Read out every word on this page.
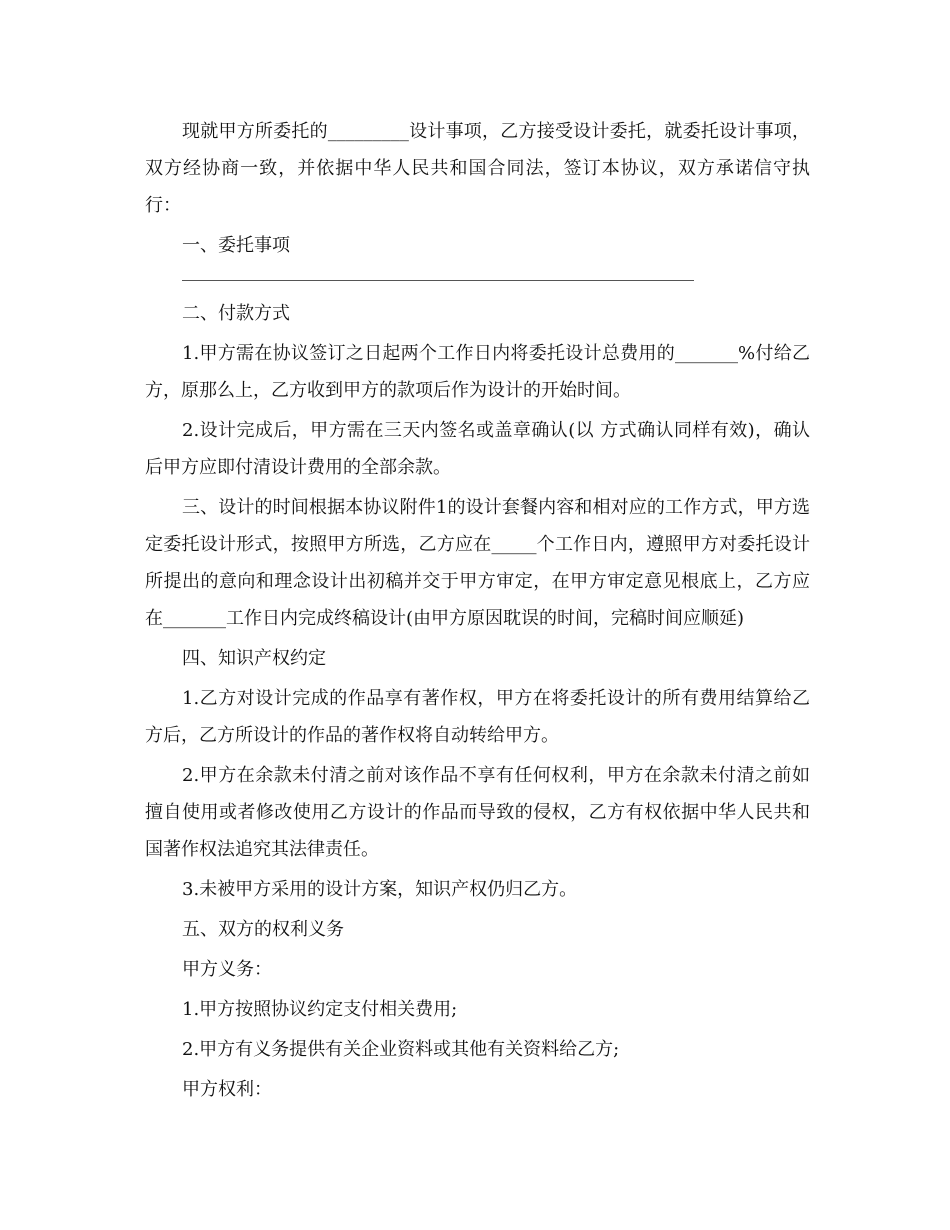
现就甲方所委托的_________设计事项，乙方接受设计委托，就委托设计事项，双方经协商一致，并依据中华人民共和国合同法，签订本协议，双方承诺信守执行：

一、委托事项

二、付款方式

1.甲方需在协议签订之日起两个工作日内将委托设计总费用的_______%付给乙方，原那么上，乙方收到甲方的款项后作为设计的开始时间。

2.设计完成后，甲方需在三天内签名或盖章确认(以 方式确认同样有效)，确认后甲方应即付清设计费用的全部余款。

三、设计的时间根据本协议附件1的设计套餐内容和相对应的工作方式，甲方选定委托设计形式，按照甲方所选，乙方应在_____个工作日内，遵照甲方对委托设计所提出的意向和理念设计出初稿并交于甲方审定，在甲方审定意见根底上，乙方应在_______工作日内完成终稿设计(由甲方原因耽误的时间，完稿时间应顺延)

四、知识产权约定

1.乙方对设计完成的作品享有著作权，甲方在将委托设计的所有费用结算给乙方后，乙方所设计的作品的著作权将自动转给甲方。

2.甲方在余款未付清之前对该作品不享有任何权利，甲方在余款未付清之前如擅自使用或者修改使用乙方设计的作品而导致的侵权，乙方有权依据中华人民共和国著作权法追究其法律责任。

3.未被甲方采用的设计方案，知识产权仍归乙方。

五、双方的权利义务

甲方义务：

1.甲方按照协议约定支付相关费用;

2.甲方有义务提供有关企业资料或其他有关资料给乙方;

甲方权利：
